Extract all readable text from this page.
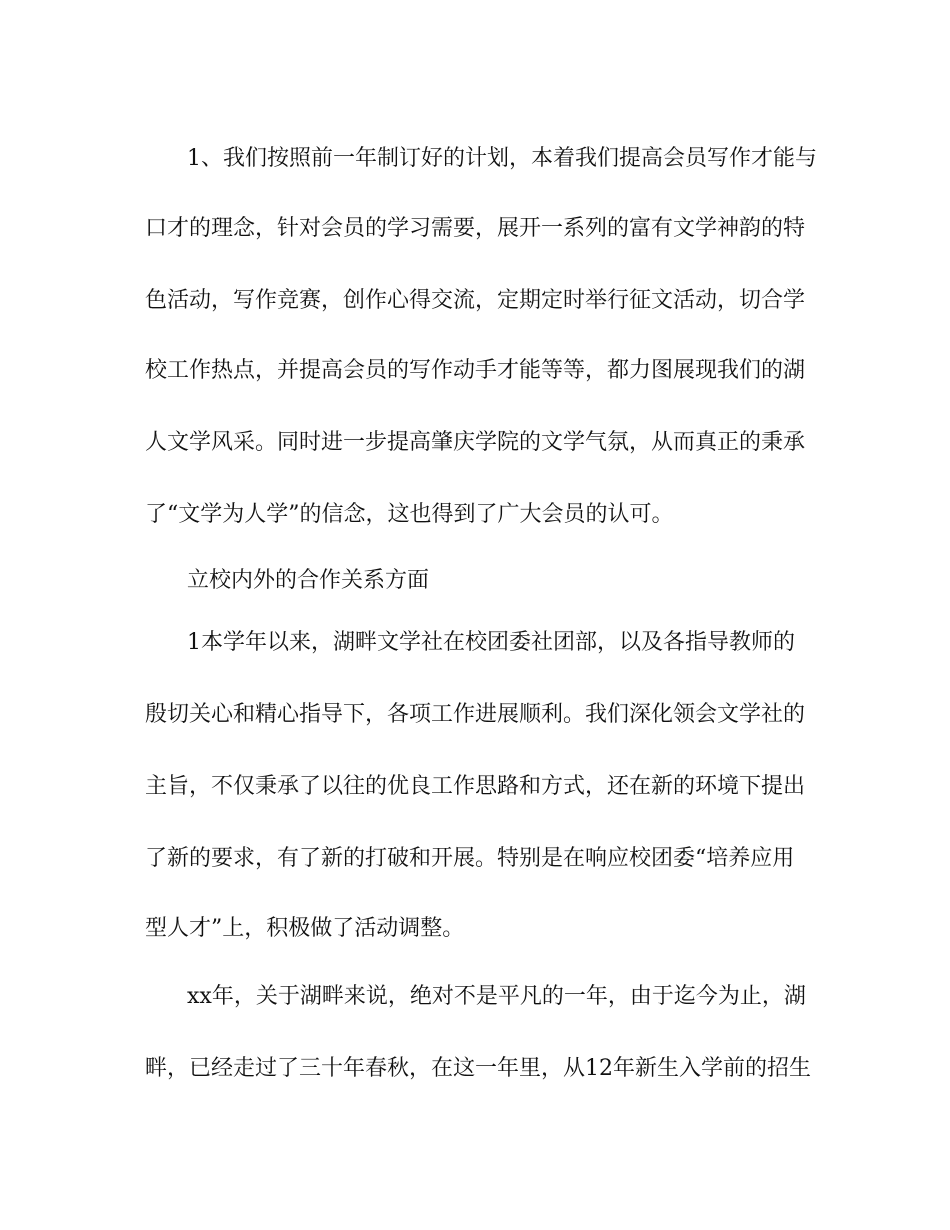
1、我们按照前一年制订好的计划，本着我们提高会员写作才能与

口才的理念，针对会员的学习需要，展开一系列的富有文学神韵的特

色活动，写作竞赛，创作心得交流，定期定时举行征文活动，切合学

校工作热点，并提高会员的写作动手才能等等，都力图展现我们的湖

人文学风采。同时进一步提高肇庆学院的文学气氛，从而真正的秉承

了“文学为人学”的信念，这也得到了广大会员的认可。

立校内外的合作关系方面

1本学年以来，湖畔文学社在校团委社团部，以及各指导教师的

殷切关心和精心指导下，各项工作进展顺利。我们深化领会文学社的

主旨，不仅秉承了以往的优良工作思路和方式，还在新的环境下提出

了新的要求，有了新的打破和开展。特别是在响应校团委“培养应用

型人才”上，积极做了活动调整。

xx年，关于湖畔来说，绝对不是平凡的一年，由于迄今为止，湖

畔，已经走过了三十年春秋，在这一年里，从12年新生入学前的招生
